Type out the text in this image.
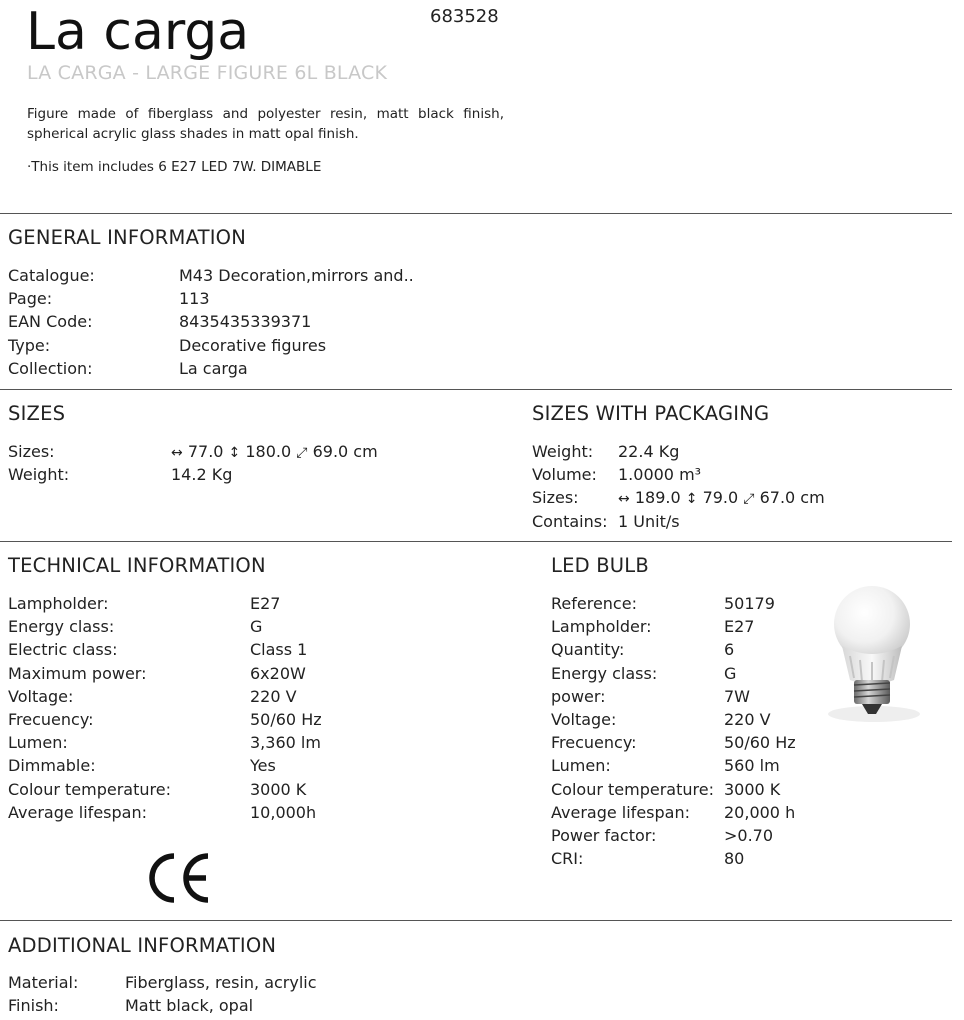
La carga	683528
LA CARGA - LARGE FIGURE 6L BLACK
Figure made of fiberglass and polyester resin, matt black finish, spherical acrylic glass shades in matt opal finish.
·This item includes 6 E27 LED 7W. DIMABLE
GENERAL INFORMATION
Catalogue:	M43 Decoration,mirrors and..
Page:	113
EAN Code:	8435435339371
Type:	Decorative figures
Collection:	La carga
SIZES
Sizes:	↔ 77.0 ↕ 180.0 ⤢ 69.0 cm
Weight:	14.2 Kg
SIZES WITH PACKAGING
Weight: 22.4 Kg
Volume: 1.0000 m³
Sizes:	↔ 189.0 ↕ 79.0 ⤢ 67.0 cm
Contains: 1 Unit/s
TECHNICAL INFORMATION
Lampholder:	E27
Energy class:	G
Electric class:	Class 1
Maximum power:	6x20W
Voltage:	220 V
Frecuency:	50/60 Hz
Lumen:	3,360 lm
Dimmable:	Yes
Colour temperature:	3000 K
Average lifespan:	10,000h
LED BULB
Reference:	50179
Lampholder:	E27
Quantity:	6
Energy class:	G
power:	7W
Voltage:	220 V
Frecuency:	50/60 Hz
Lumen:	560 lm
Colour temperature: 3000 K
Average lifespan: 20,000 h
Power factor:	>0.70
CRI:	80
ADDITIONAL INFORMATION
Material:	Fiberglass, resin, acrylic
Finish:	Matt black, opal
